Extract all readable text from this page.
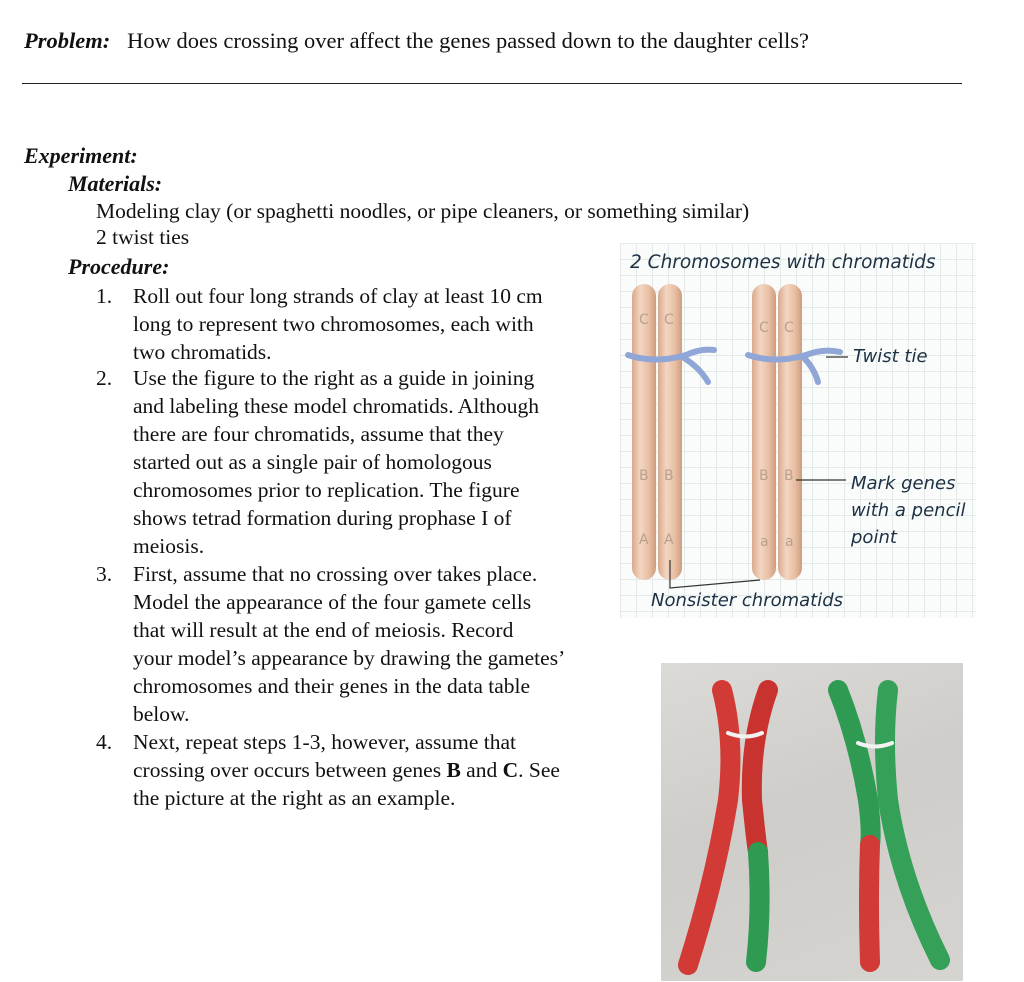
Problem: How does crossing over affect the genes passed down to the daughter cells?
Experiment:
Materials:
Modeling clay (or spaghetti noodles, or pipe cleaners, or something similar)
2 twist ties
Procedure:
1. Roll out four long strands of clay at least 10 cm
long to represent two chromosomes, each with
two chromatids.
2. Use the figure to the right as a guide in joining
and labeling these model chromatids. Although
there are four chromatids, assume that they
started out as a single pair of homologous
chromosomes prior to replication. The figure
shows tetrad formation during prophase I of
meiosis.
3. First, assume that no crossing over takes place.
Model the appearance of the four gamete cells
that will result at the end of meiosis. Record
your model’s appearance by drawing the gametes’
chromosomes and their genes in the data table
below.
4. Next, repeat steps 1-3, however, assume that
crossing over occurs between genes B and C. See
the picture at the right as an example.
2 Chromosomes with chromatids
C C	C C
B B	B B
A A	a a
Twist tie
Mark genes
with a pencil
point
Nonsister chromatids
